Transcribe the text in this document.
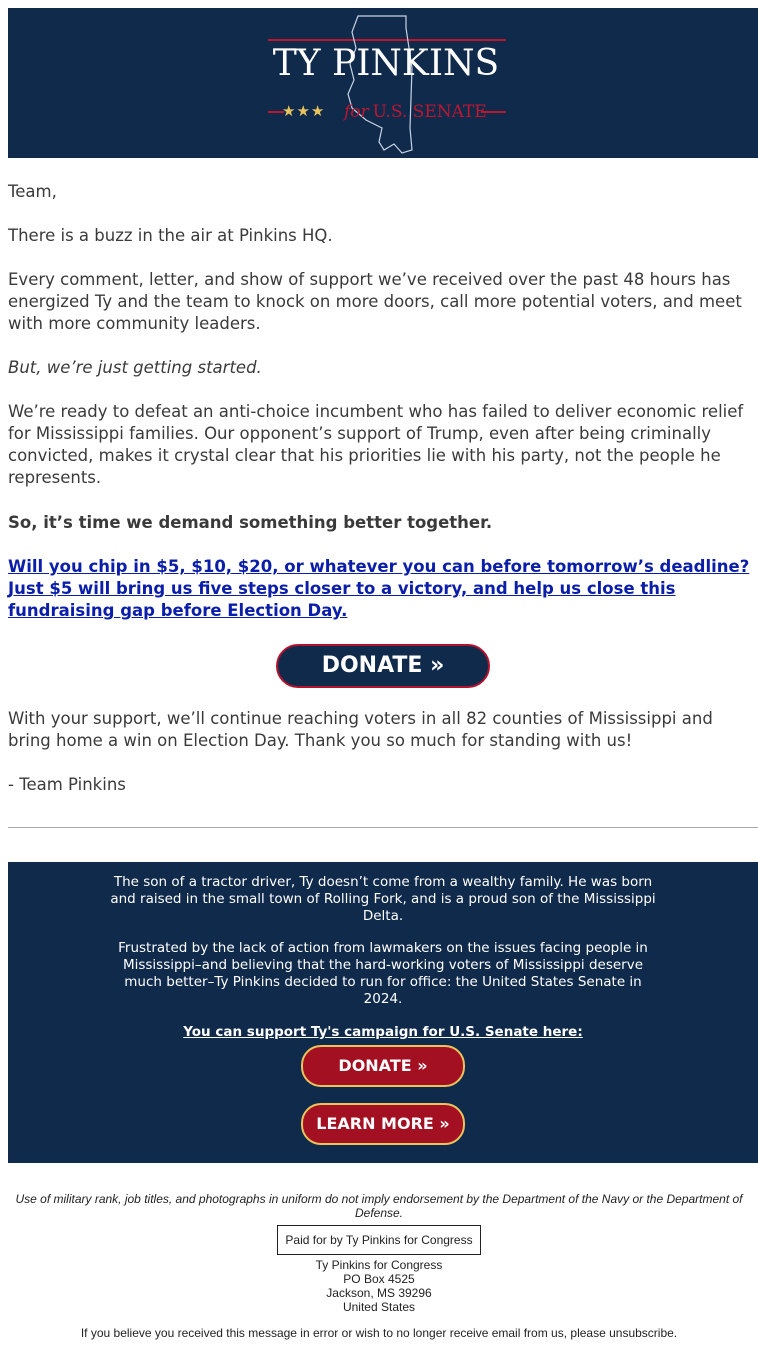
TY PINKINS
★★★ for U.S. SENATE

Team,

There is a buzz in the air at Pinkins HQ.

Every comment, letter, and show of support we’ve received over the past 48 hours has energized Ty and the team to knock on more doors, call more potential voters, and meet with more community leaders.

But, we’re just getting started.

We’re ready to defeat an anti-choice incumbent who has failed to deliver economic relief for Mississippi families. Our opponent’s support of Trump, even after being criminally convicted, makes it crystal clear that his priorities lie with his party, not the people he represents.

So, it’s time we demand something better together.

Will you chip in $5, $10, $20, or whatever you can before tomorrow’s deadline? Just $5 will bring us five steps closer to a victory, and help us close this fundraising gap before Election Day.

DONATE »

With your support, we’ll continue reaching voters in all 82 counties of Mississippi and bring home a win on Election Day. Thank you so much for standing with us!

- Team Pinkins

The son of a tractor driver, Ty doesn’t come from a wealthy family. He was born and raised in the small town of Rolling Fork, and is a proud son of the Mississippi Delta.

Frustrated by the lack of action from lawmakers on the issues facing people in Mississippi–and believing that the hard-working voters of Mississippi deserve much better–Ty Pinkins decided to run for office: the United States Senate in 2024.

You can support Ty's campaign for U.S. Senate here:

DONATE »
LEARN MORE »

Use of military rank, job titles, and photographs in uniform do not imply endorsement by the Department of the Navy or the Department of Defense.

Paid for by Ty Pinkins for Congress

Ty Pinkins for Congress

PO Box 4525

Jackson, MS 39296

United States

If you believe you received this message in error or wish to no longer receive email from us, please unsubscribe.
